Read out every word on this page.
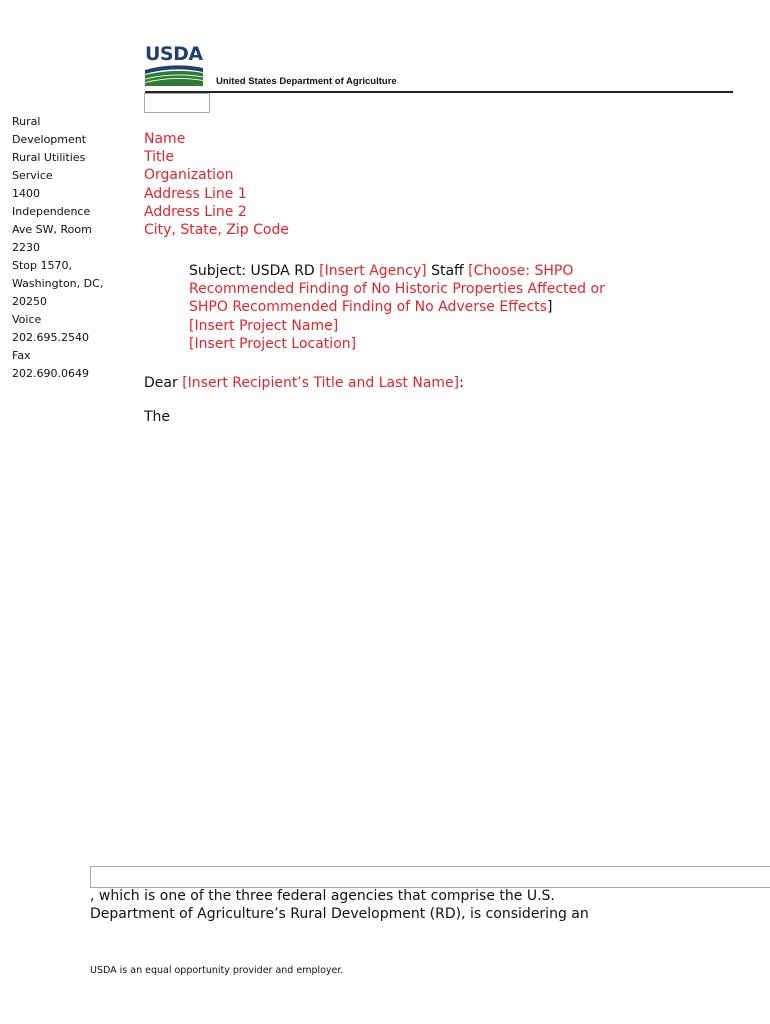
USDA
United States Department of Agriculture
Rural
Development
Rural Utilities
Service
1400
Independence
Ave SW, Room
2230
Stop 1570,
Washington, DC,
20250
Voice
202.695.2540
Fax
202.690.0649
Name
Title
Organization
Address Line 1
Address Line 2
City, State, Zip Code
Subject: USDA RD [Insert Agency] Staff [Choose: SHPO
Recommended Finding of No Historic Properties Affected or
SHPO Recommended Finding of No Adverse Effects]
[Insert Project Name]
[Insert Project Location]
Dear [Insert Recipient’s Title and Last Name]:
The
, which is one of the three federal agencies that comprise the U.S.
Department of Agriculture’s Rural Development (RD), is considering an
USDA is an equal opportunity provider and employer.
